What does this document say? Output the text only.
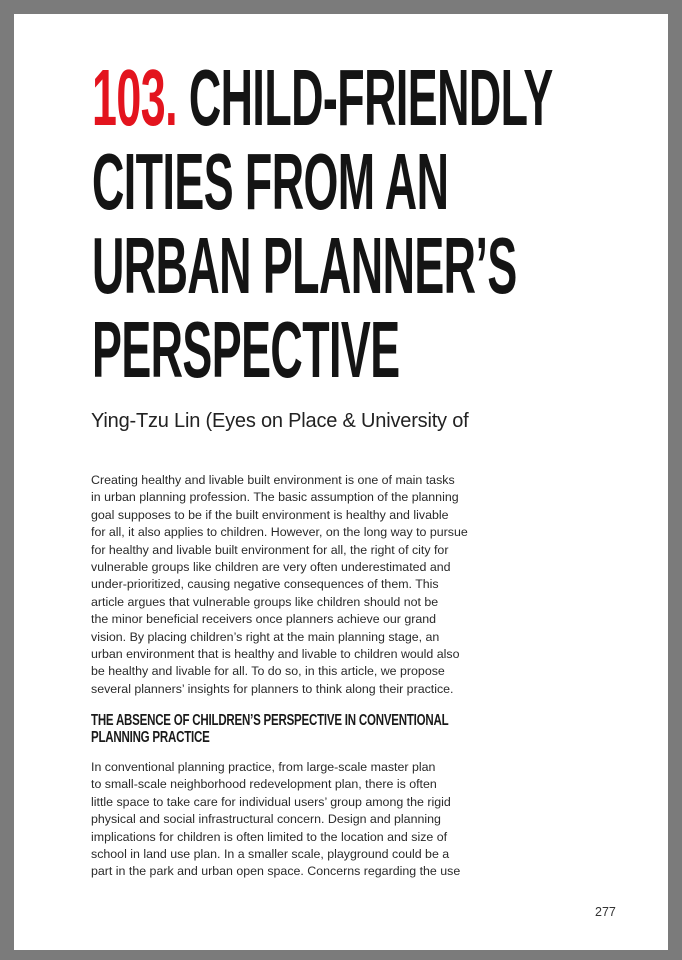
103. CHILD-FRIENDLY
CITIES FROM AN
URBAN PLANNER’S
PERSPECTIVE
Ying-Tzu Lin (Eyes on Place & University of
Creating healthy and livable built environment is one of main tasks
in urban planning profession. The basic assumption of the planning
goal supposes to be if the built environment is healthy and livable
for all, it also applies to children. However, on the long way to pursue
for healthy and livable built environment for all, the right of city for
vulnerable groups like children are very often underestimated and
under-prioritized, causing negative consequences of them. This
article argues that vulnerable groups like children should not be
the minor beneficial receivers once planners achieve our grand
vision. By placing children’s right at the main planning stage, an
urban environment that is healthy and livable to children would also
be healthy and livable for all. To do so, in this article, we propose
several planners’ insights for planners to think along their practice.
THE ABSENCE OF CHILDREN’S PERSPECTIVE IN CONVENTIONAL
PLANNING PRACTICE
In conventional planning practice, from large-scale master plan
to small-scale neighborhood redevelopment plan, there is often
little space to take care for individual users’ group among the rigid
physical and social infrastructural concern. Design and planning
implications for children is often limited to the location and size of
school in land use plan. In a smaller scale, playground could be a
part in the park and urban open space. Concerns regarding the use
277
